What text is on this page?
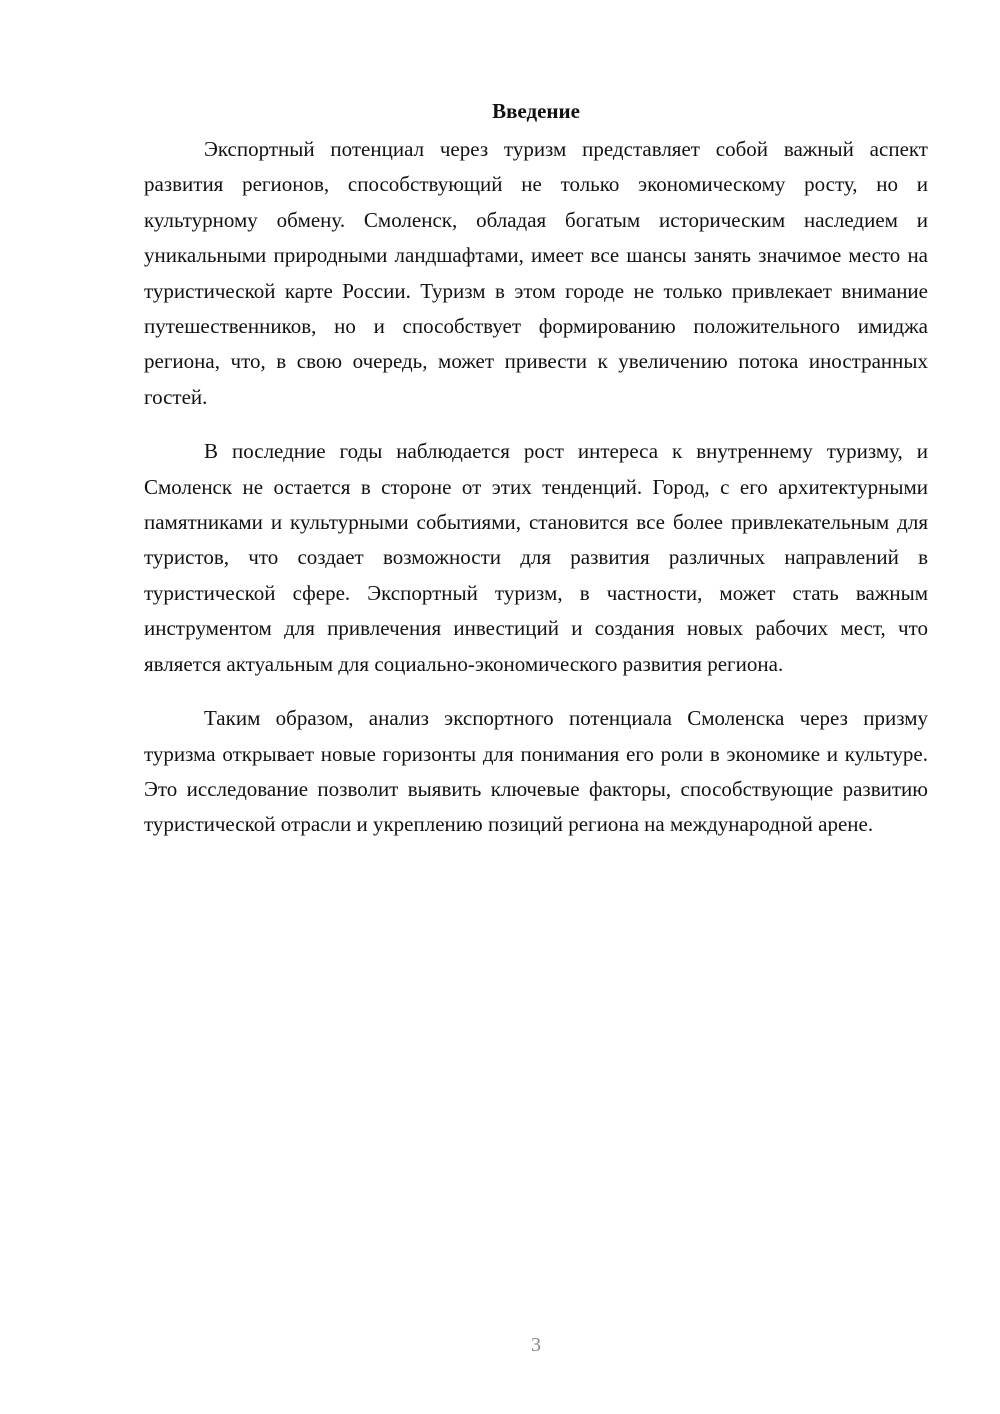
Введение

Экспортный потенциал через туризм представляет собой важный аспект развития регионов, способствующий не только экономическому росту, но и культурному обмену. Смоленск, обладая богатым историческим наследием и уникальными природными ландшафтами, имеет все шансы занять значимое место на туристической карте России. Туризм в этом городе не только привлекает внимание путешественников, но и способствует формированию положительного имиджа региона, что, в свою очередь, может привести к увеличению потока иностранных гостей.

В последние годы наблюдается рост интереса к внутреннему туризму, и Смоленск не остается в стороне от этих тенденций. Город, с его архитектурными памятниками и культурными событиями, становится все более привлекательным для туристов, что создает возможности для развития различных направлений в туристической сфере. Экспортный туризм, в частности, может стать важным инструментом для привлечения инвестиций и создания новых рабочих мест, что является актуальным для социально-экономического развития региона.

Таким образом, анализ экспортного потенциала Смоленска через призму туризма открывает новые горизонты для понимания его роли в экономике и культуре. Это исследование позволит выявить ключевые факторы, способствующие развитию туристической отрасли и укреплению позиций региона на международной арене.

3
